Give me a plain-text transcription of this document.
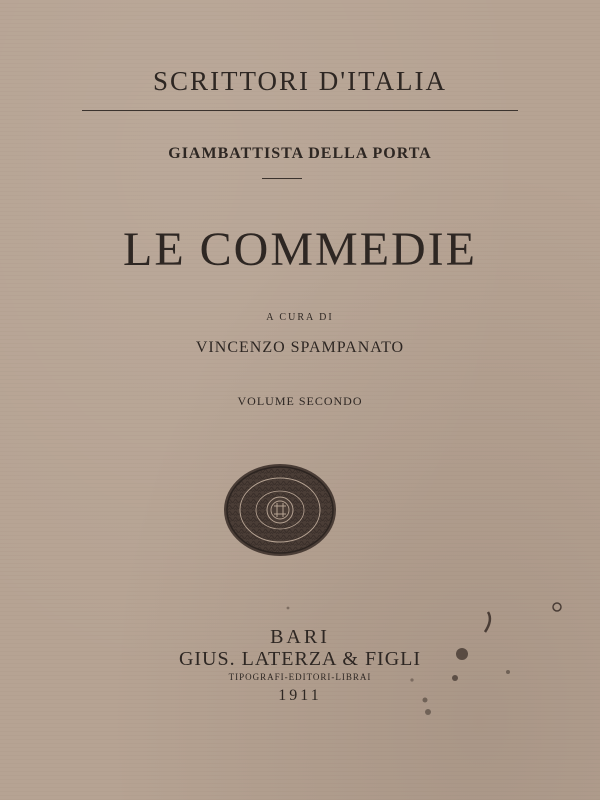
SCRITTORI D'ITALIA
GIAMBATTISTA DELLA PORTA
LE COMMEDIE
A CURA DI
VINCENZO SPAMPANATO
VOLUME SECONDO
BARI
GIUS. LATERZA & FIGLI
TIPOGRAFI-EDITORI-LIBRAI
1911
